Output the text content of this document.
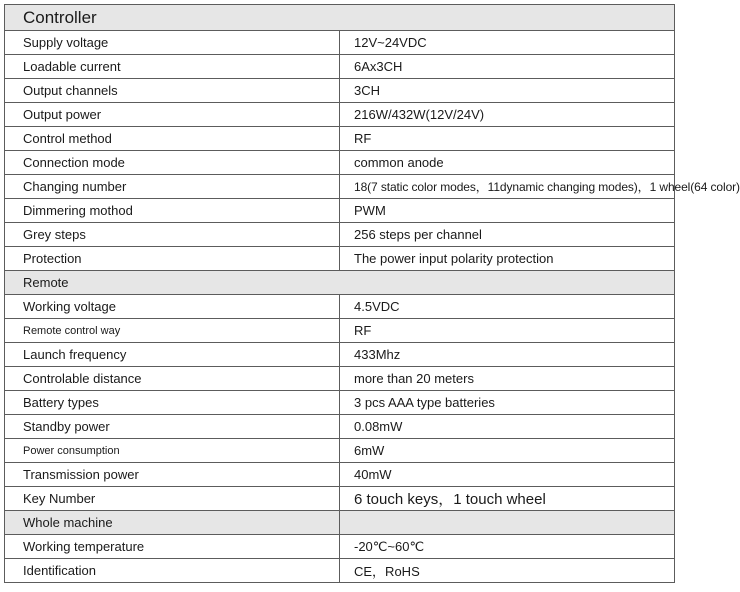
Controller	
Supply voltage	12V~24VDC
Loadable current	6Ax3CH
Output channels	3CH
Output power	216W/432W(12V/24V)
Control method	RF
Connection mode	common anode
Changing number	18(7 static color modes，11dynamic changing modes)，1 wheel(64 color)
Dimmering mothod	PWM
Grey steps	256 steps per channel
Protection	The power input polarity protection
Remote	
Working voltage	4.5VDC
Remote control way	RF
Launch frequency	433Mhz
Controlable distance	more than 20 meters
Battery types	3 pcs AAA type batteries
Standby power	0.08mW
Power consumption	6mW
Transmission power	40mW
Key Number	6 touch keys，1 touch wheel
Whole machine	
Working temperature	-20℃~60℃
Identification	CE，RoHS
